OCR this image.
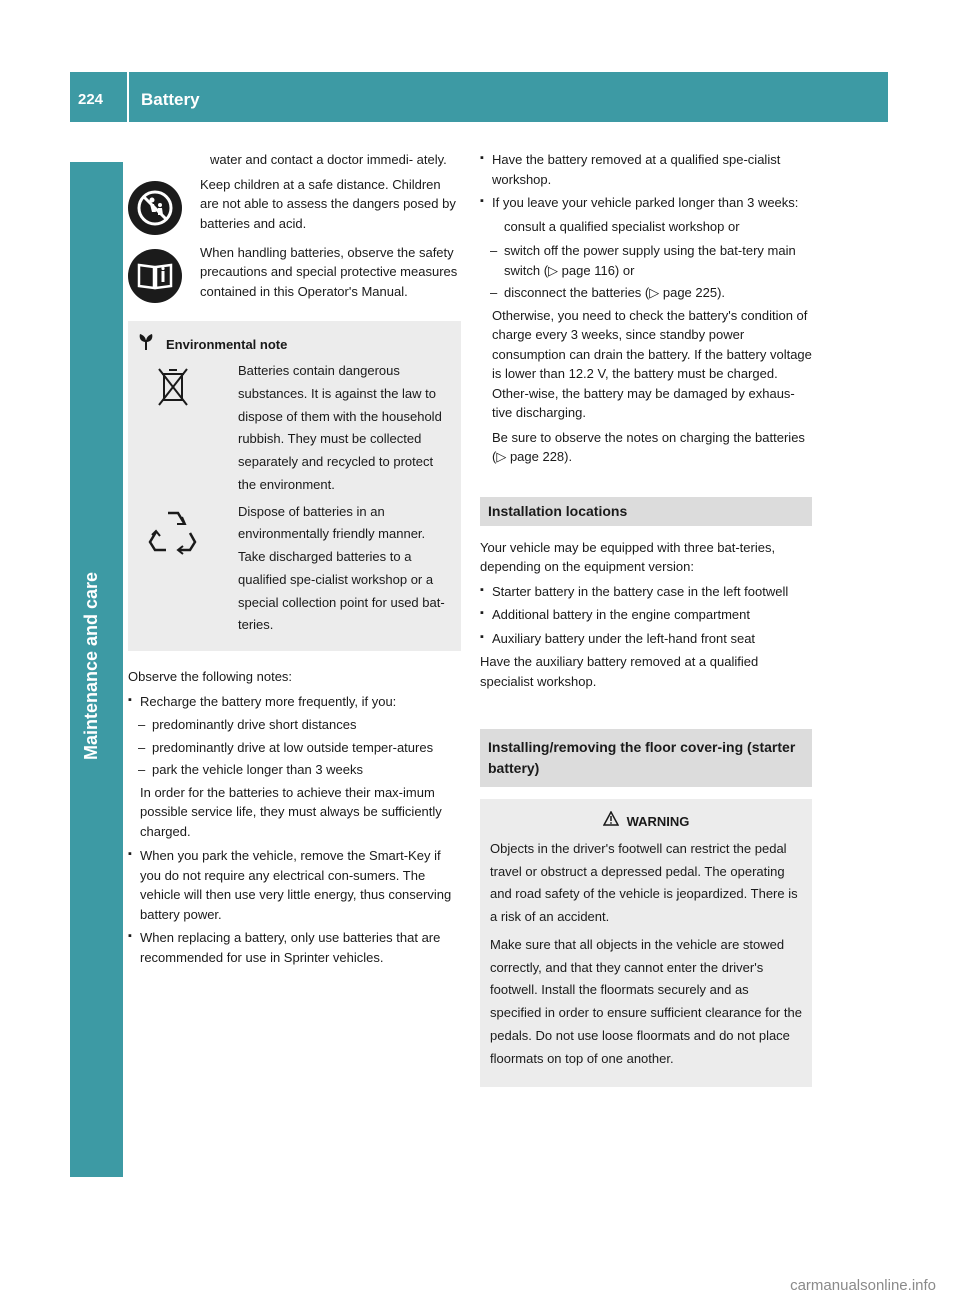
224 Battery
Maintenance and care

water and contact a doctor immedi- ately.

Keep children at a safe distance. Children are not able to assess the dangers posed by batteries and acid.
When handling batteries, observe the safety precautions and special protective measures contained in this Operator's Manual.
Environmental note
Batteries contain dangerous substances. It is against the law to dispose of them with the household rubbish. They must be collected separately and recycled to protect the environment.
Dispose of batteries in an environmentally friendly manner. Take discharged batteries to a qualified spe-cialist workshop or a special collection point for used bat-teries.

Observe the following notes:

▪ Recharge the battery more frequently, if you:
– predominantly drive short distances
– predominantly drive at low outside temper-atures
– park the vehicle longer than 3 weeks

In order for the batteries to achieve their max-imum possible service life, they must always be sufficiently charged.

▪ When you park the vehicle, remove the Smart-Key if you do not require any electrical con-sumers. The vehicle will then use very little energy, thus conserving battery power.
▪ When replacing a battery, only use batteries that are recommended for use in Sprinter vehicles.
▪ Have the battery removed at a qualified spe-cialist workshop.
▪ If you leave your vehicle parked longer than 3 weeks:

consult a qualified specialist workshop or

– switch off the power supply using the bat-tery main switch (▷ page 116) or
– disconnect the batteries (▷ page 225).

Otherwise, you need to check the battery's condition of charge every 3 weeks, since standby power consumption can drain the battery. If the battery voltage is lower than 12.2 V, the battery must be charged. Other-wise, the battery may be damaged by exhaus-tive discharging.

Be sure to observe the notes on charging the batteries (▷ page 228).

Installation locations

Your vehicle may be equipped with three bat-teries, depending on the equipment version:

▪ Starter battery in the battery case in the left footwell
▪ Additional battery in the engine compartment
▪ Auxiliary battery under the left-hand front seat

Have the auxiliary battery removed at a qualified specialist workshop.

Installing/removing the floor cover-ing (starter battery)
WARNING

Objects in the driver's footwell can restrict the pedal travel or obstruct a depressed pedal. The operating and road safety of the vehicle is jeopardized. There is a risk of an accident.

Make sure that all objects in the vehicle are stowed correctly, and that they cannot enter the driver's footwell. Install the floormats securely and as specified in order to ensure sufficient clearance for the pedals. Do not use loose floormats and do not place floormats on top of one another.

carmanualsonline.info
